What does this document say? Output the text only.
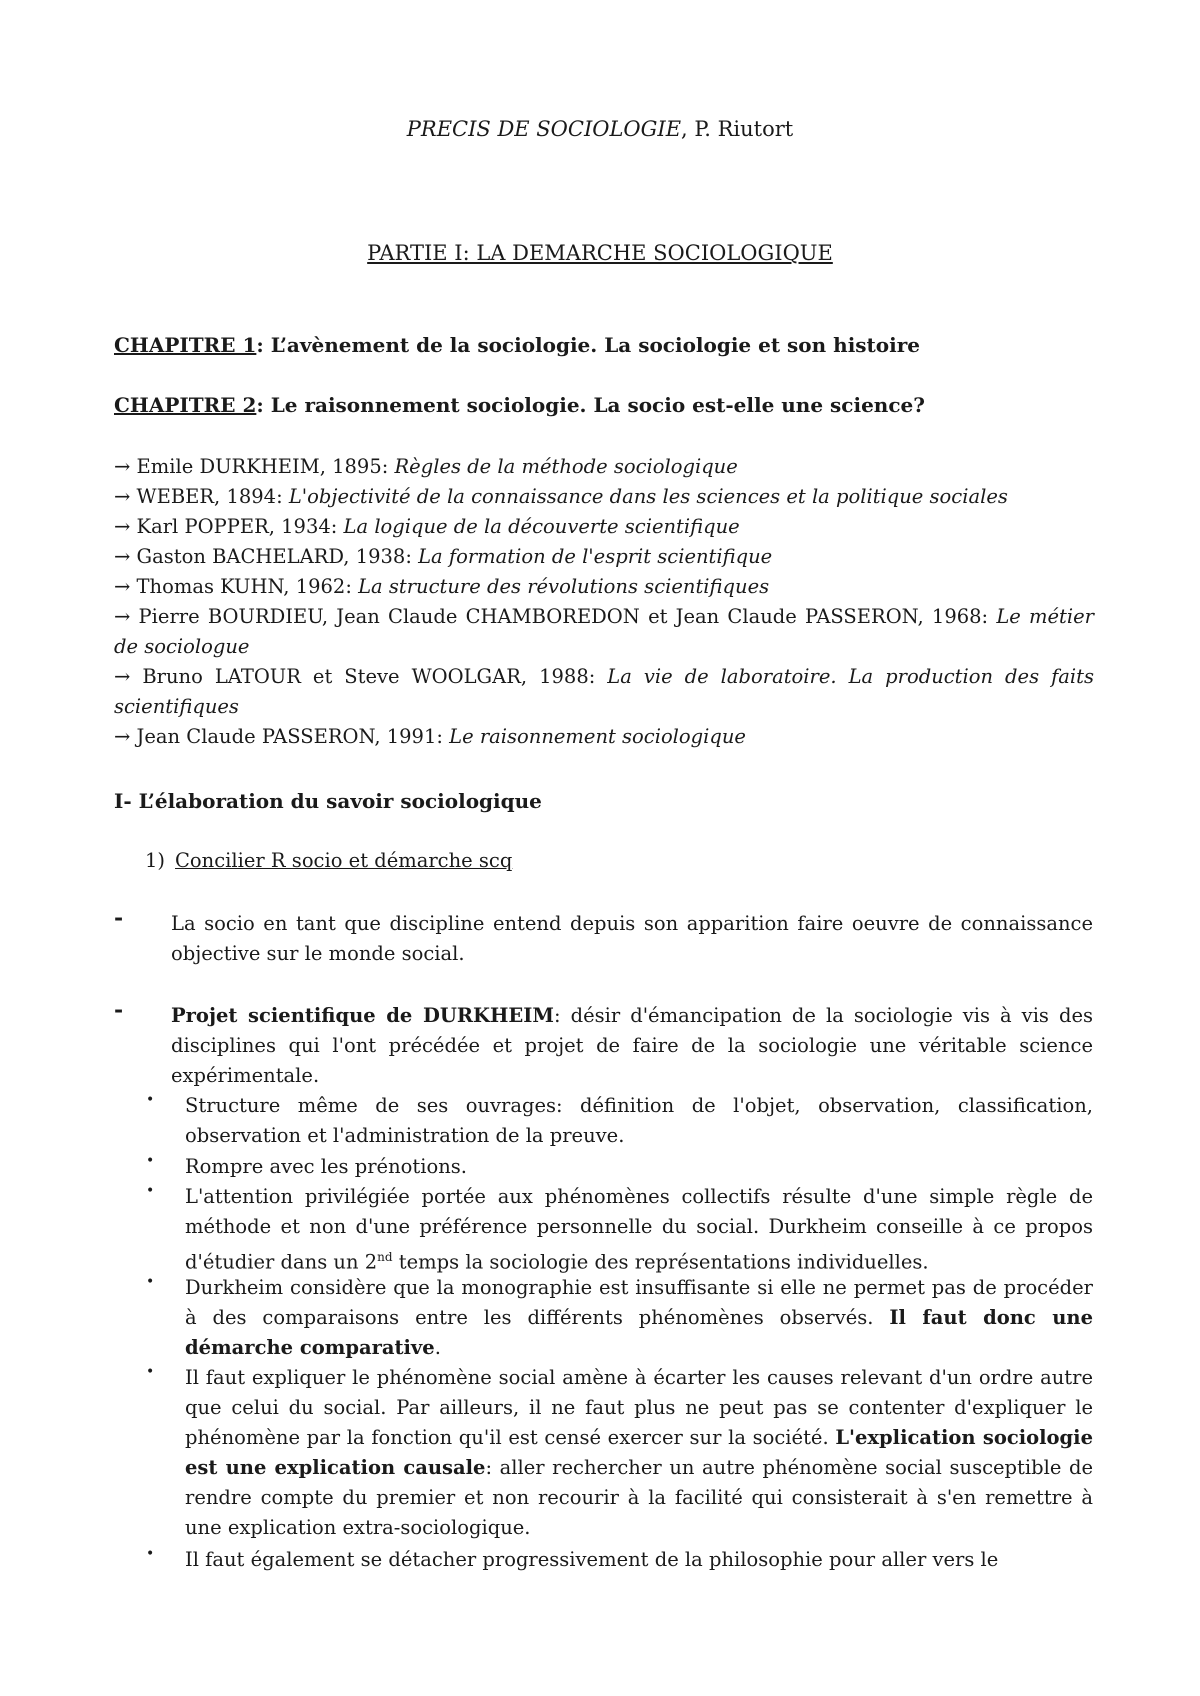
PRECIS DE SOCIOLOGIE, P. Riutort
PARTIE I: LA DEMARCHE SOCIOLOGIQUE
CHAPITRE 1: L’avènement de la sociologie. La sociologie et son histoire
CHAPITRE 2: Le raisonnement sociologie. La socio est-elle une science?
→ Emile DURKHEIM, 1895: Règles de la méthode sociologique
→ WEBER, 1894: L'objectivité de la connaissance dans les sciences et la politique sociales
→ Karl POPPER, 1934: La logique de la découverte scientifique
→ Gaston BACHELARD, 1938: La formation de l'esprit scientifique
→ Thomas KUHN, 1962: La structure des révolutions scientifiques
→ Pierre BOURDIEU, Jean Claude CHAMBOREDON et Jean Claude PASSERON, 1968: Le métier de sociologue
→ Bruno LATOUR et Steve WOOLGAR, 1988: La vie de laboratoire. La production des faits scientifiques
→ Jean Claude PASSERON, 1991: Le raisonnement sociologique
I- L’élaboration du savoir sociologique
1) Concilier R socio et démarche scq
- La socio en tant que discipline entend depuis son apparition faire oeuvre de connaissance objective sur le monde social.
- Projet scientifique de DURKHEIM: désir d'émancipation de la sociologie vis à vis des disciplines qui l'ont précédée et projet de faire de la sociologie une véritable science expérimentale.
• Structure même de ses ouvrages: définition de l'objet, observation, classification, observation et l'administration de la preuve.
• Rompre avec les prénotions.
• L'attention privilégiée portée aux phénomènes collectifs résulte d'une simple règle de méthode et non d'une préférence personnelle du social. Durkheim conseille à ce propos d'étudier dans un 2nd temps la sociologie des représentations individuelles.
• Durkheim considère que la monographie est insuffisante si elle ne permet pas de procéder à des comparaisons entre les différents phénomènes observés. Il faut donc une démarche comparative.
• Il faut expliquer le phénomène social amène à écarter les causes relevant d'un ordre autre que celui du social. Par ailleurs, il ne faut plus ne peut pas se contenter d'expliquer le phénomène par la fonction qu'il est censé exercer sur la société. L'explication sociologie est une explication causale: aller rechercher un autre phénomène social susceptible de rendre compte du premier et non recourir à la facilité qui consisterait à s'en remettre à une explication extra-sociologique.
• Il faut également se détacher progressivement de la philosophie pour aller vers le
